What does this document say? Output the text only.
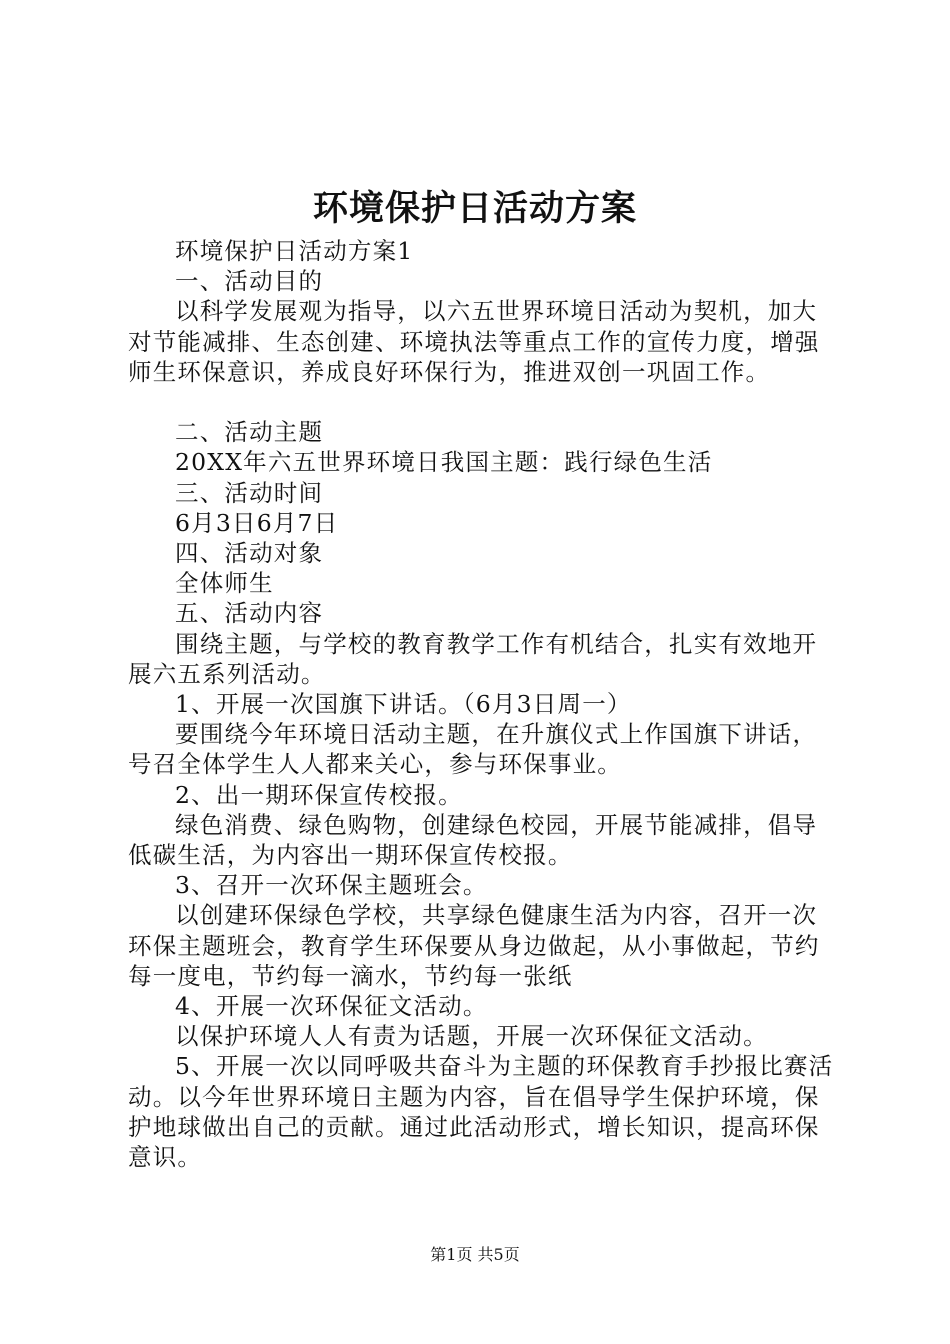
环境保护日活动方案

环境保护日活动方案1

一、活动目的

以科学发展观为指导，以六五世界环境日活动为契机，加大对节能减排、生态创建、环境执法等重点工作的宣传力度，增强师生环保意识，养成良好环保行为，推进双创一巩固工作。

二、活动主题

20XX年六五世界环境日我国主题：践行绿色生活

三、活动时间

6月3日6月7日

四、活动对象

全体师生

五、活动内容

围绕主题，与学校的教育教学工作有机结合，扎实有效地开展六五系列活动。

1、开展一次国旗下讲话。（6月3日周一）

要围绕今年环境日活动主题，在升旗仪式上作国旗下讲话，号召全体学生人人都来关心，参与环保事业。

2、出一期环保宣传校报。

绿色消费、绿色购物，创建绿色校园，开展节能减排，倡导低碳生活，为内容出一期环保宣传校报。

3、召开一次环保主题班会。

以创建环保绿色学校，共享绿色健康生活为内容，召开一次环保主题班会，教育学生环保要从身边做起，从小事做起，节约每一度电，节约每一滴水，节约每一张纸

4、开展一次环保征文活动。

以保护环境人人有责为话题，开展一次环保征文活动。

5、开展一次以同呼吸共奋斗为主题的环保教育手抄报比赛活动。以今年世界环境日主题为内容，旨在倡导学生保护环境，保护地球做出自己的贡献。通过此活动形式，增长知识，提高环保意识。

第1页 共5页
